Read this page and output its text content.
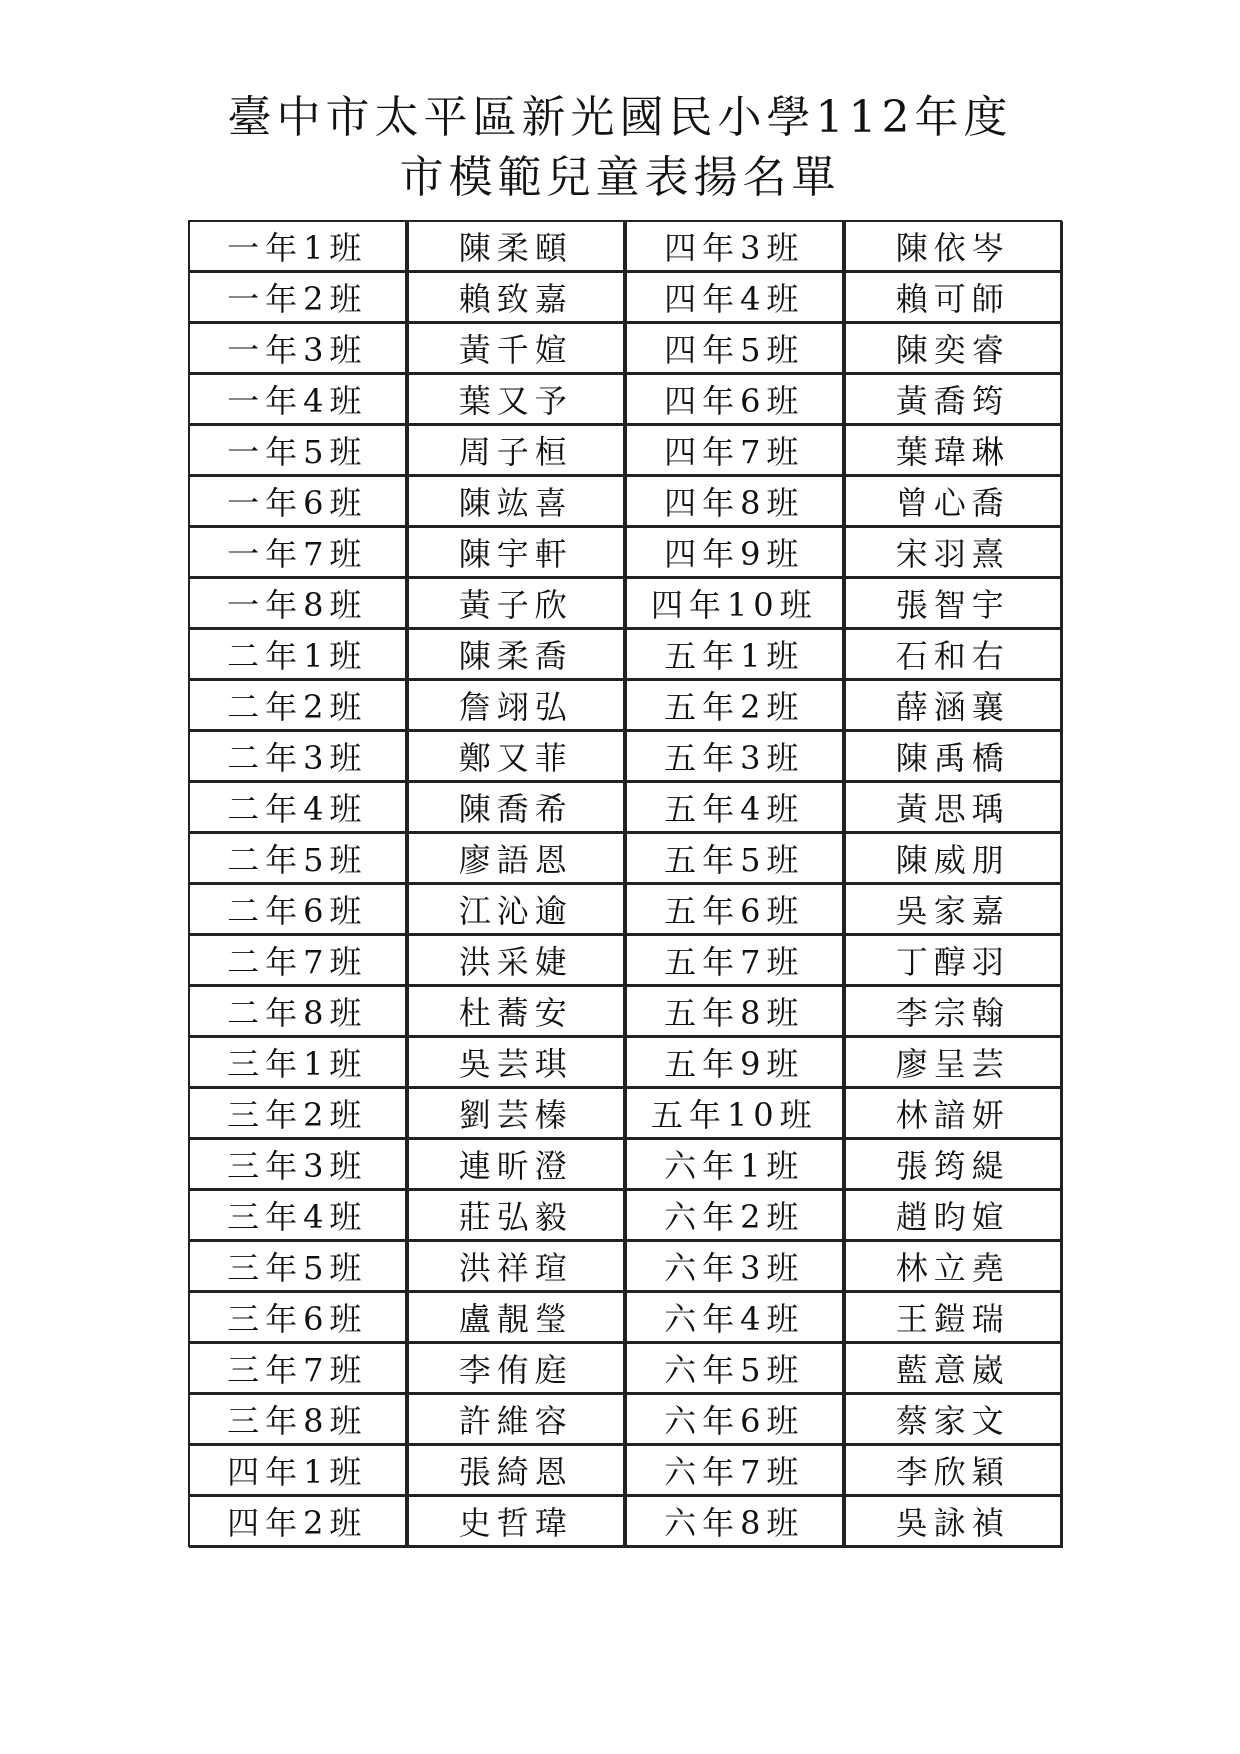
臺中市太平區新光國民小學112年度
市模範兒童表揚名單
一年1班	陳柔頤	四年3班	陳依岑
一年2班	賴致嘉	四年4班	賴可師
一年3班	黃千媗	四年5班	陳奕睿
一年4班	葉又予	四年6班	黃喬筠
一年5班	周子桓	四年7班	葉瑋琳
一年6班	陳竑喜	四年8班	曾心喬
一年7班	陳宇軒	四年9班	宋羽熹
一年8班	黃子欣	四年10班	張智宇
二年1班	陳柔喬	五年1班	石和右
二年2班	詹翊弘	五年2班	薛涵襄
二年3班	鄭又菲	五年3班	陳禹橋
二年4班	陳喬希	五年4班	黃思瑀
二年5班	廖語恩	五年5班	陳威朋
二年6班	江沁逾	五年6班	吳家嘉
二年7班	洪采婕	五年7班	丁醇羽
二年8班	杜蕎安	五年8班	李宗翰
三年1班	吳芸琪	五年9班	廖呈芸
三年2班	劉芸榛	五年10班	林諳妍
三年3班	連昕澄	六年1班	張筠緹
三年4班	莊弘毅	六年2班	趙昀媗
三年5班	洪祥瑄	六年3班	林立堯
三年6班	盧靚瑩	六年4班	王鎧瑞
三年7班	李侑庭	六年5班	藍意崴
三年8班	許維容	六年6班	蔡家文
四年1班	張綺恩	六年7班	李欣穎
四年2班	史哲瑋	六年8班	吳詠禎
